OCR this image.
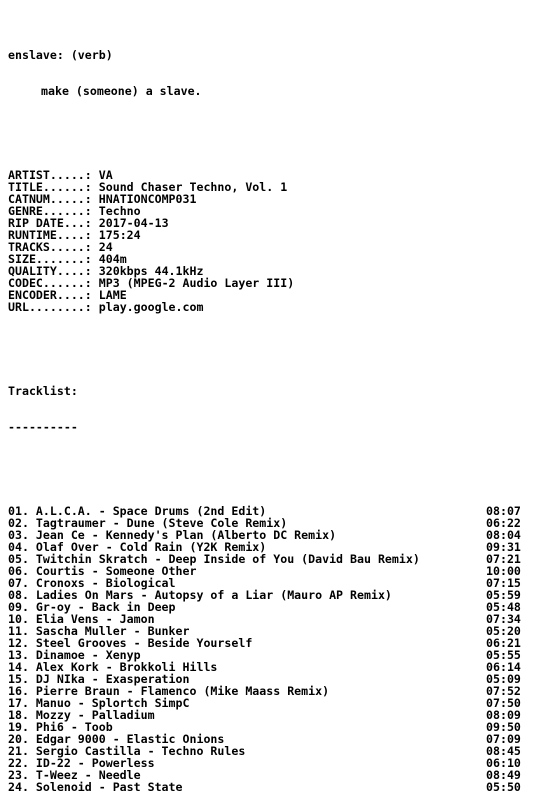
enslave: (verb)

make (someone) a slave.

ARTIST.....: VA
TITLE......: Sound Chaser Techno, Vol. 1
CATNUM.....: HNATIONCOMP031
GENRE......: Techno
RIP DATE...: 2017-04-13
RUNTIME....: 175:24
TRACKS.....: 24
SIZE.......: 404m
QUALITY....: 320kbps 44.1kHz
CODEC......: MP3 (MPEG-2 Audio Layer III)
ENCODER....: LAME
URL........: play.google.com

Tracklist:

----------

01. A.L.C.A. - Space Drums (2nd Edit)	08:07
02. Tagtraumer - Dune (Steve Cole Remix)	06:22
03. Jean Ce - Kennedy's Plan (Alberto DC Remix)	08:04
04. Olaf Over - Cold Rain (Y2K Remix)	09:31
05. Twitchin Skratch - Deep Inside of You (David Bau Remix)	07:21
06. Courtis - Someone Other	10:00
07. Cronoxs - Biological	07:15
08. Ladies On Mars - Autopsy of a Liar (Mauro AP Remix)	05:59
09. Gr-oy - Back in Deep	05:48
10. Elia Vens - Jamon	07:34
11. Sascha Muller - Bunker	05:20
12. Steel Grooves - Beside Yourself	06:21
13. Dinamoe - Xenyp	05:55
14. Alex Kork - Brokkoli Hills	06:14
15. DJ NIka - Exasperation	05:09
16. Pierre Braun - Flamenco (Mike Maass Remix)	07:52
17. Manuo - Splortch SimpC	07:50
18. Mozzy - Palladium	08:09
19. Phi6 - Toob	09:50
20. Edgar 9000 - Elastic Onions	07:09
21. Sergio Castilla - Techno Rules	08:45
22. ID-22 - Powerless	06:10
23. T-Weez - Needle	08:49
24. Solenoid - Past State	05:50
